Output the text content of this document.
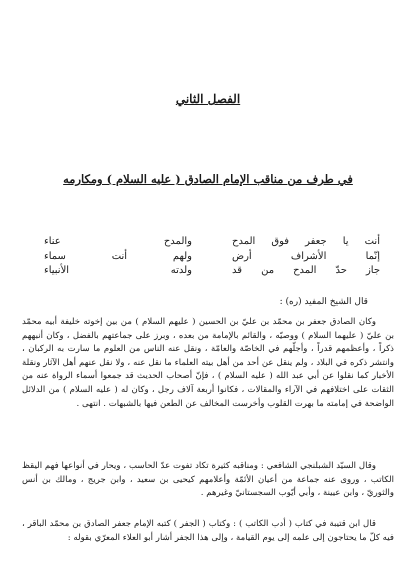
الفصل الثاني
في طرف من مناقب الإمام الصادق ( عليه السلام ) ومكارمه
أنت يا جعفر فوق المدح
والمدح عناء
إنّما الأشراف أرض
ولهم أنت سماء
جاز حدّ المدح من قد
ولدته الأنبياء
قال الشيخ المفيد (ره) :
وكان الصادق جعفر بن محمّد بن عليّ بن الحسين ( عليهم السلام ) من بين إخوته خليفة أبيه محمّد بن عليّ ( عليهما السلام ) ووصيّه ، والقائم بالإمامة من بعده ، وبرز على جماعتهم بالفضل ، وكان أنبههم ذكراً ، وأعظمهم قدراً ، وأجلّهم في الخاصّة والعامّة ، ونقل عنه الناس من العلوم ما سارت به الركبان ، وانتشر ذكره في البلاد ، ولم ينقل عن أحد من أهل بيته العلماء ما نقل عنه ، ولا نقل عنهم أهل الآثار ونقلة الأخبار كما نقلوا عن أبي عبد الله ( عليه السلام ) ، فإنّ أصحاب الحديث قد جمعوا أسماء الرواة عنه من الثقات على اختلافهم في الآراء والمقالات ، فكانوا أربعة آلاف رجل ، وكان له ( عليه السلام ) من الدلائل الواضحة في إمامته ما بهرت القلوب وأخرست المخالف عن الطعن فيها بالشبهات . انتهى .
وقال السيّد الشبلنجي الشافعي : ومناقبه كثيرة تكاد تفوت عدّ الحاسب ، ويحار في أنواعها فهم اليقظ الكاتب ، وروى عنه جماعة من أعيان الأئمّة وأعلامهم كيحيى بن سعيد ، وابن جريج ، ومالك بن أنس والثوريّ ، وابن عيينة ، وأبي أيّوب السجستانيّ وغيرهم .
قال ابن قتيبة في كتاب ( أدب الكاتب ) : وكتاب ( الجفر ) كتبه الإمام جعفر الصادق بن محمّد الباقر ، فيه كلّ ما يحتاجون إلى علمه إلى يوم القيامة ، وإلى هذا الجفر أشار أبو العلاء المعرّي بقوله :
